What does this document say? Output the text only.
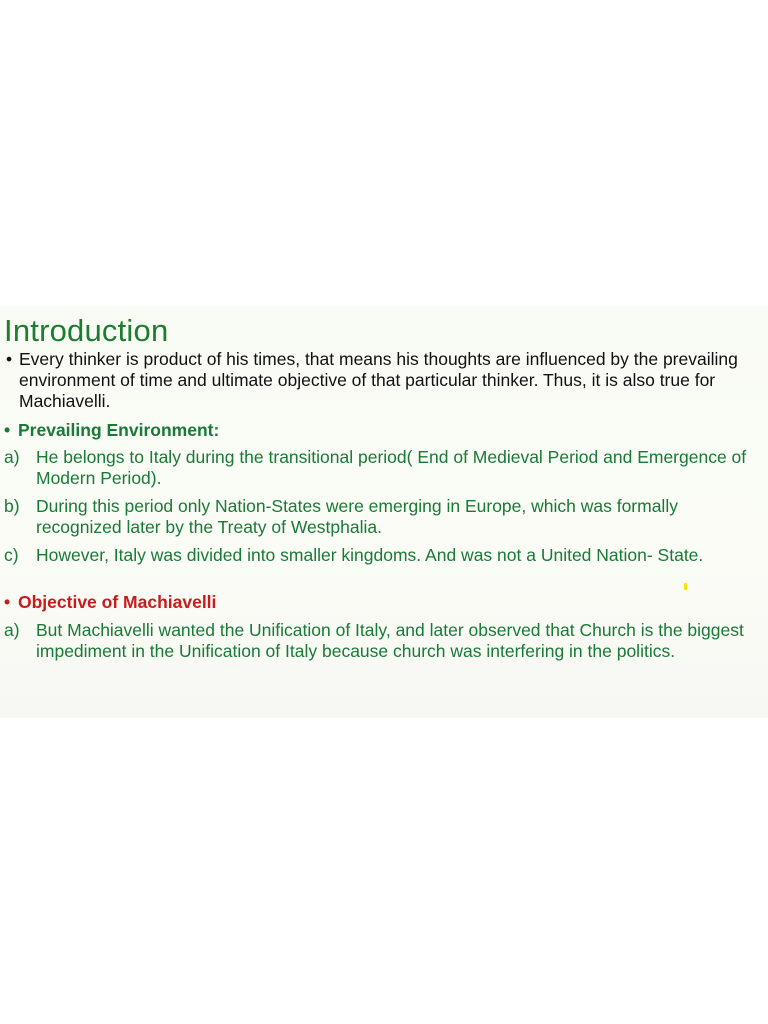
Introduction
• Every thinker is product of his times, that means his thoughts are influenced by the prevailing environment of time and ultimate objective of that particular thinker. Thus, it is also true for Machiavelli.
• Prevailing Environment:
a) He belongs to Italy during the transitional period( End of Medieval Period and Emergence of Modern Period).
b) During this period only Nation-States were emerging in Europe, which was formally recognized later by the Treaty of Westphalia.
c) However, Italy was divided into smaller kingdoms. And was not a United Nation- State.
• Objective of Machiavelli
a) But Machiavelli wanted the Unification of Italy, and later observed that Church is the biggest impediment in the Unification of Italy because church was interfering in the politics.
